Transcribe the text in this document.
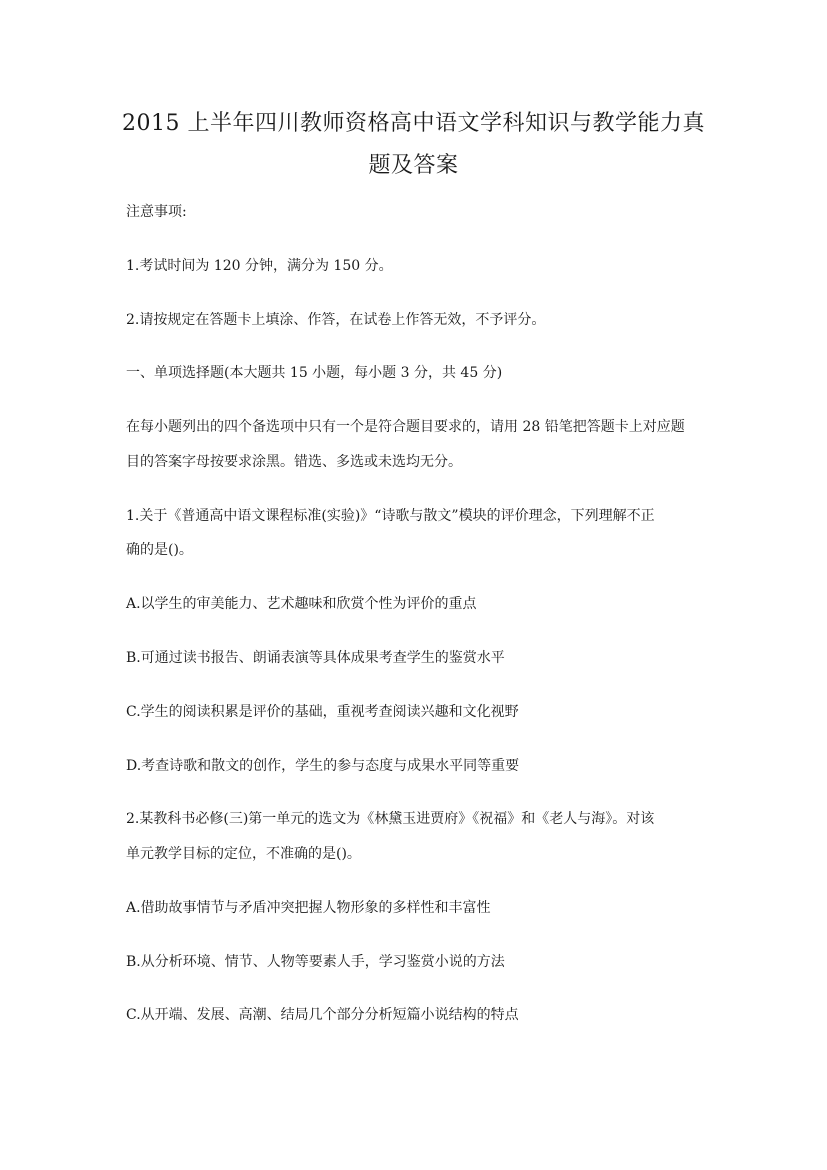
2015 上半年四川教师资格高中语文学科知识与教学能力真
题及答案
注意事项:
1.考试时间为 120 分钟，满分为 150 分。
2.请按规定在答题卡上填涂、作答，在试卷上作答无效，不予评分。
一、单项选择题(本大题共 15 小题，每小题 3 分，共 45 分)
在每小题列出的四个备选项中只有一个是符合题目要求的，请用 28 铅笔把答题卡上对应题
目的答案字母按要求涂黑。错选、多选或未选均无分。
1.关于《普通高中语文课程标准(实验)》“诗歌与散文”模块的评价理念，下列理解不正
确的是()。
A.以学生的审美能力、艺术趣味和欣赏个性为评价的重点
B.可通过读书报告、朗诵表演等具体成果考查学生的鉴赏水平
C.学生的阅读积累是评价的基础，重视考查阅读兴趣和文化视野
D.考查诗歌和散文的创作，学生的参与态度与成果水平同等重要
2.某教科书必修(三)第一单元的选文为《林黛玉进贾府》《祝福》和《老人与海》。对该
单元教学目标的定位，不准确的是()。
A.借助故事情节与矛盾冲突把握人物形象的多样性和丰富性
B.从分析环境、情节、人物等要素人手，学习鉴赏小说的方法
C.从开端、发展、高潮、结局几个部分分析短篇小说结构的特点
